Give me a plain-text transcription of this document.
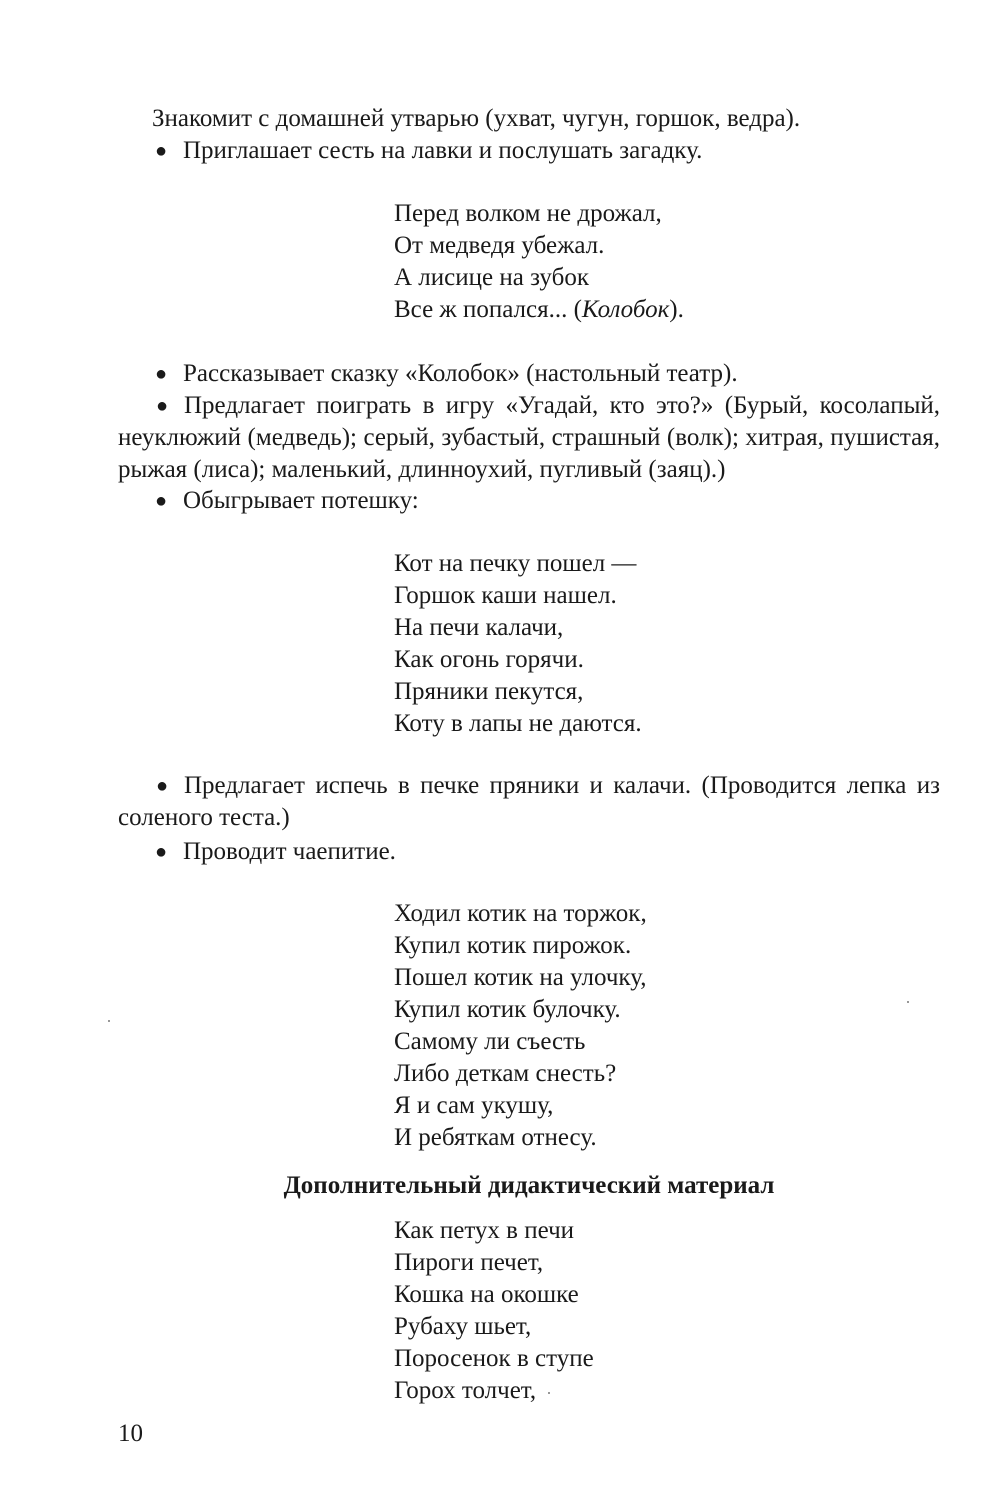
Знакомит с домашней утварью (ухват, чугун, горшок, ведра).

● Приглашает сесть на лавки и послушать загадку.

Перед волком не дрожал,
От медведя убежал.
А лисице на зубок
Все ж попался... (Колобок).

● Рассказывает сказку «Колобок» (настольный театр).

● Предлагает поиграть в игру «Угадай, кто это?» (Бурый, косолапый, неуклюжий (медведь); серый, зубастый, страшный (волк); хитрая, пушистая, рыжая (лиса); маленький, длинноухий, пугливый (заяц).)

● Обыгрывает потешку:

Кот на печку пошел —
Горшок каши нашел.
На печи калачи,
Как огонь горячи.
Пряники пекутся,
Коту в лапы не даются.

● Предлагает испечь в печке пряники и калачи. (Проводится лепка из соленого теста.)

● Проводит чаепитие.

Ходил котик на торжок,
Купил котик пирожок.
Пошел котик на улочку,
Купил котик булочку.
Самому ли съесть
Либо деткам снесть?
Я и сам укушу,
И ребяткам отнесу.
Дополнительный дидактический материал
Как петух в печи
Пироги печет,
Кошка на окошке
Рубаху шьет,
Поросенок в ступе
Горох толчет,
10
